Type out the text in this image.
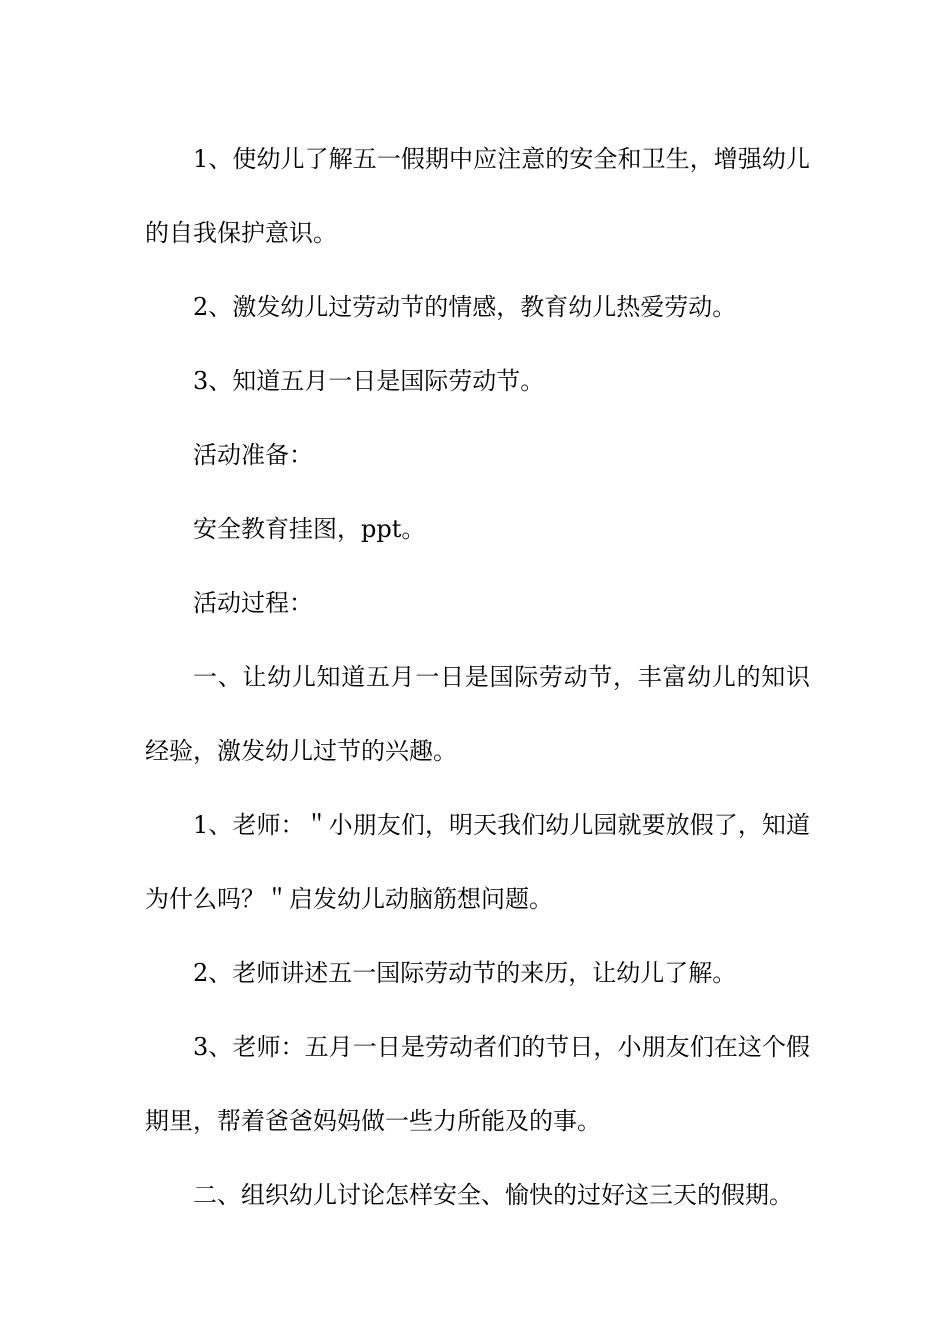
1、使幼儿了解五一假期中应注意的安全和卫生，增强幼儿的自我保护意识。

2、激发幼儿过劳动节的情感，教育幼儿热爱劳动。

3、知道五月一日是国际劳动节。

活动准备：

安全教育挂图，ppt。

活动过程：

一、让幼儿知道五月一日是国际劳动节，丰富幼儿的知识经验，激发幼儿过节的兴趣。

1、老师：＂小朋友们，明天我们幼儿园就要放假了，知道为什么吗？＂启发幼儿动脑筋想问题。

2、老师讲述五一国际劳动节的来历，让幼儿了解。

3、老师：五月一日是劳动者们的节日，小朋友们在这个假期里，帮着爸爸妈妈做一些力所能及的事。

二、组织幼儿讨论怎样安全、愉快的过好这三天的假期。
